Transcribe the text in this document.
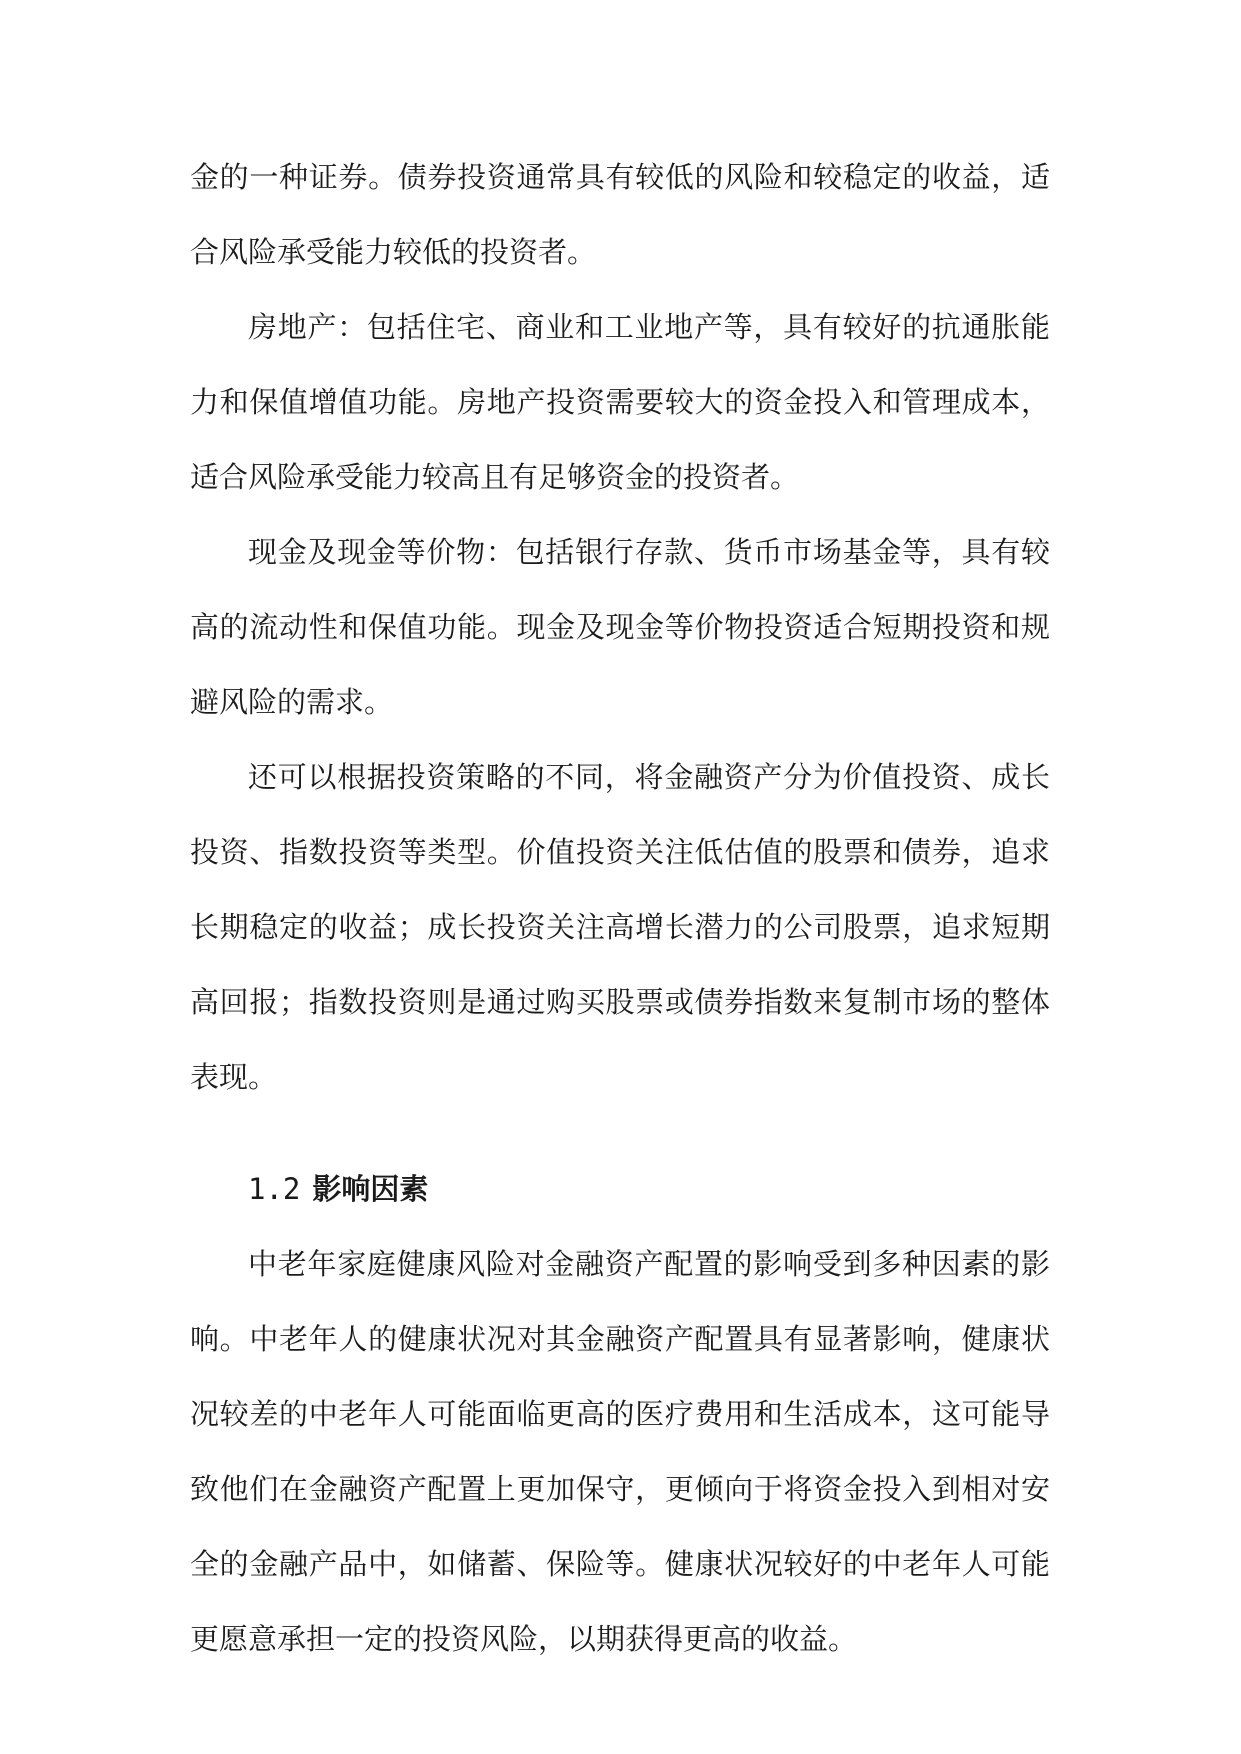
金的一种证券。债券投资通常具有较低的风险和较稳定的收益，适合风险承受能力较低的投资者。

房地产：包括住宅、商业和工业地产等，具有较好的抗通胀能力和保值增值功能。房地产投资需要较大的资金投入和管理成本，适合风险承受能力较高且有足够资金的投资者。

现金及现金等价物：包括银行存款、货币市场基金等，具有较高的流动性和保值功能。现金及现金等价物投资适合短期投资和规避风险的需求。

还可以根据投资策略的不同，将金融资产分为价值投资、成长投资、指数投资等类型。价值投资关注低估值的股票和债券，追求长期稳定的收益；成长投资关注高增长潜力的公司股票，追求短期高回报；指数投资则是通过购买股票或债券指数来复制市场的整体表现。

1.2 影响因素

中老年家庭健康风险对金融资产配置的影响受到多种因素的影响。中老年人的健康状况对其金融资产配置具有显著影响，健康状况较差的中老年人可能面临更高的医疗费用和生活成本，这可能导致他们在金融资产配置上更加保守，更倾向于将资金投入到相对安全的金融产品中，如储蓄、保险等。健康状况较好的中老年人可能更愿意承担一定的投资风险，以期获得更高的收益。
